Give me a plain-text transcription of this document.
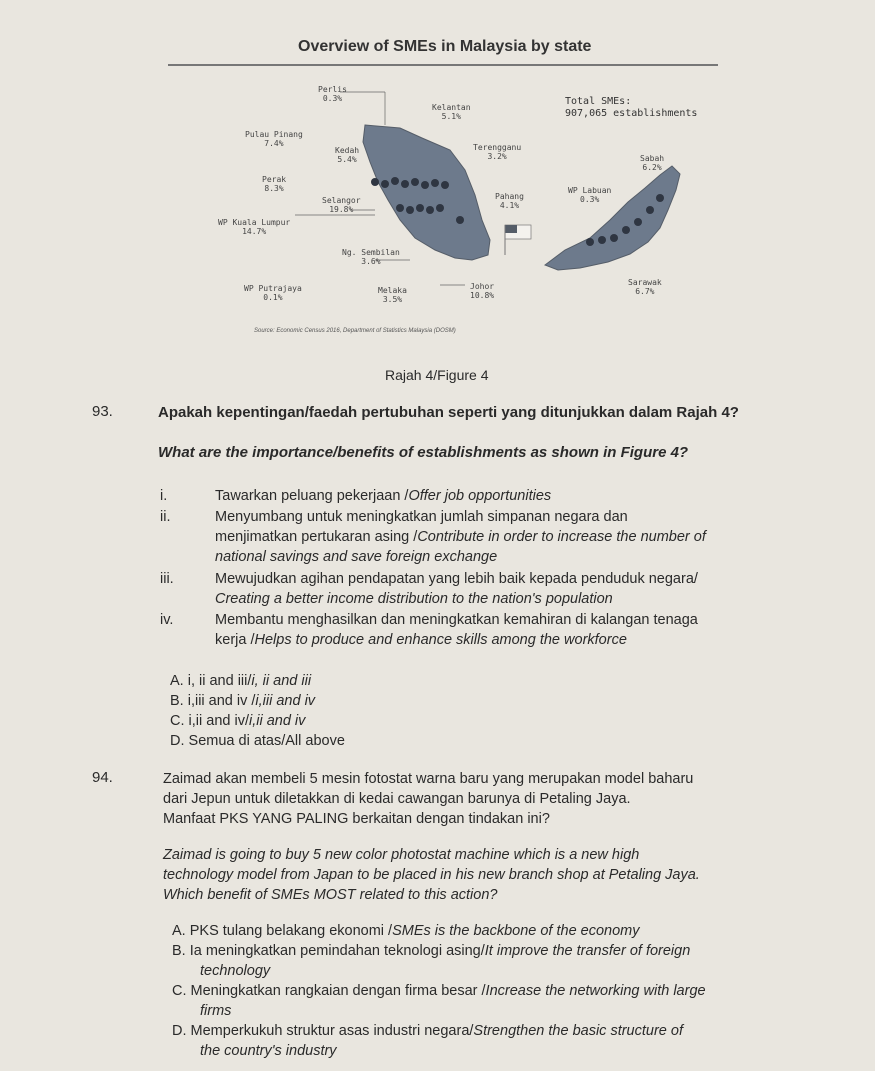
Overview of SMEs in Malaysia by state
Perlis
0.3%
Kelantan
5.1%
Pulau Pinang
7.4%
Kedah
5.4%
Terengganu
3.2%
Perak
8.3%
Selangor
19.8%
Pahang
4.1%
WP Kuala Lumpur
14.7%
Ng. Sembilan
3.6%
WP Putrajaya
0.1%
Melaka
3.5%
Johor
10.8%
Sabah
6.2%
WP Labuan
0.3%
Sarawak
6.7%
Total SMEs:
907,065 establishments
Source: Economic Census 2016, Department of Statistics Malaysia (DOSM)
Rajah 4/Figure 4
93.	Apakah kepentingan/faedah pertubuhan seperti yang ditunjukkan dalam Rajah 4?
What are the importance/benefits of establishments as shown in Figure 4?
i.	Tawarkan peluang pekerjaan /Offer job opportunities
ii.	Menyumbang untuk meningkatkan jumlah simpanan negara dan
menjimatkan pertukaran asing /Contribute in order to increase the number of
national savings and save foreign exchange
iii.	Mewujudkan agihan pendapatan yang lebih baik kepada penduduk negara/
Creating a better income distribution to the nation's population
iv.	Membantu menghasilkan dan meningkatkan kemahiran di kalangan tenaga
kerja /Helps to produce and enhance skills among the workforce
A. i, ii and iii/i, ii and iii
B. i,iii and iv /i,iii and iv
C. i,ii and iv/i,ii and iv
D. Semua di atas/All above
94.	Zaimad akan membeli 5 mesin fotostat warna baru yang merupakan model baharu
dari Jepun untuk diletakkan di kedai cawangan barunya di Petaling Jaya.
Manfaat PKS YANG PALING berkaitan dengan tindakan ini?
Zaimad is going to buy 5 new color photostat machine which is a new high
technology model from Japan to be placed in his new branch shop at Petaling Jaya.
Which benefit of SMEs MOST related to this action?
A. PKS tulang belakang ekonomi /SMEs is the backbone of the economy
B. Ia meningkatkan pemindahan teknologi asing/It improve the transfer of foreign
technology
C. Meningkatkan rangkaian dengan firma besar /Increase the networking with large
firms
D. Memperkukuh struktur asas industri negara/Strengthen the basic structure of
the country's industry
